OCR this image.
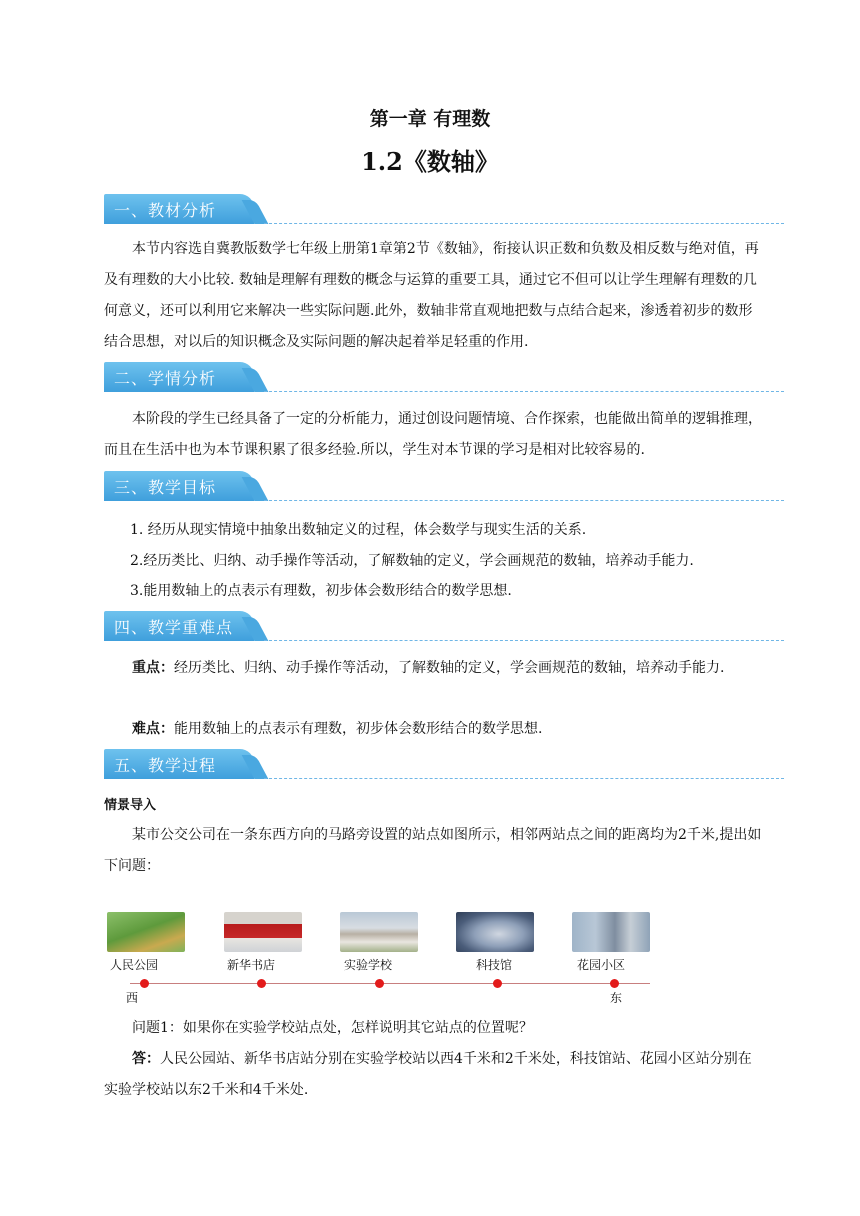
第一章 有理数
1.2《数轴》
一、教材分析

本节内容选自冀教版数学七年级上册第1章第2节《数轴》，衔接认识正数和负数及相反数与绝对值，再及有理数的大小比较. 数轴是理解有理数的概念与运算的重要工具，通过它不但可以让学生理解有理数的几何意义，还可以利用它来解决一些实际问题.此外，数轴非常直观地把数与点结合起来，渗透着初步的数形结合思想，对以后的知识概念及实际问题的解决起着举足轻重的作用.

二、学情分析

本阶段的学生已经具备了一定的分析能力，通过创设问题情境、合作探索，也能做出简单的逻辑推理，而且在生活中也为本节课积累了很多经验.所以，学生对本节课的学习是相对比较容易的.

三、教学目标

1. 经历从现实情境中抽象出数轴定义的过程，体会数学与现实生活的关系.

2.经历类比、归纳、动手操作等活动，了解数轴的定义，学会画规范的数轴，培养动手能力.

3.能用数轴上的点表示有理数，初步体会数形结合的数学思想.

四、教学重难点

重点：经历类比、归纳、动手操作等活动，了解数轴的定义，学会画规范的数轴，培养动手能力.

难点：能用数轴上的点表示有理数，初步体会数形结合的数学思想.

五、教学过程

情景导入

某市公交公司在一条东西方向的马路旁设置的站点如图所示，相邻两站点之间的距离均为2千米,提出如下问题：

人民公园	新华书店	实验学校	科技馆	花园小区
西	东

问题1：如果你在实验学校站点处，怎样说明其它站点的位置呢？

答：人民公园站、新华书店站分别在实验学校站以西4千米和2千米处，科技馆站、花园小区站分别在实验学校站以东2千米和4千米处.
